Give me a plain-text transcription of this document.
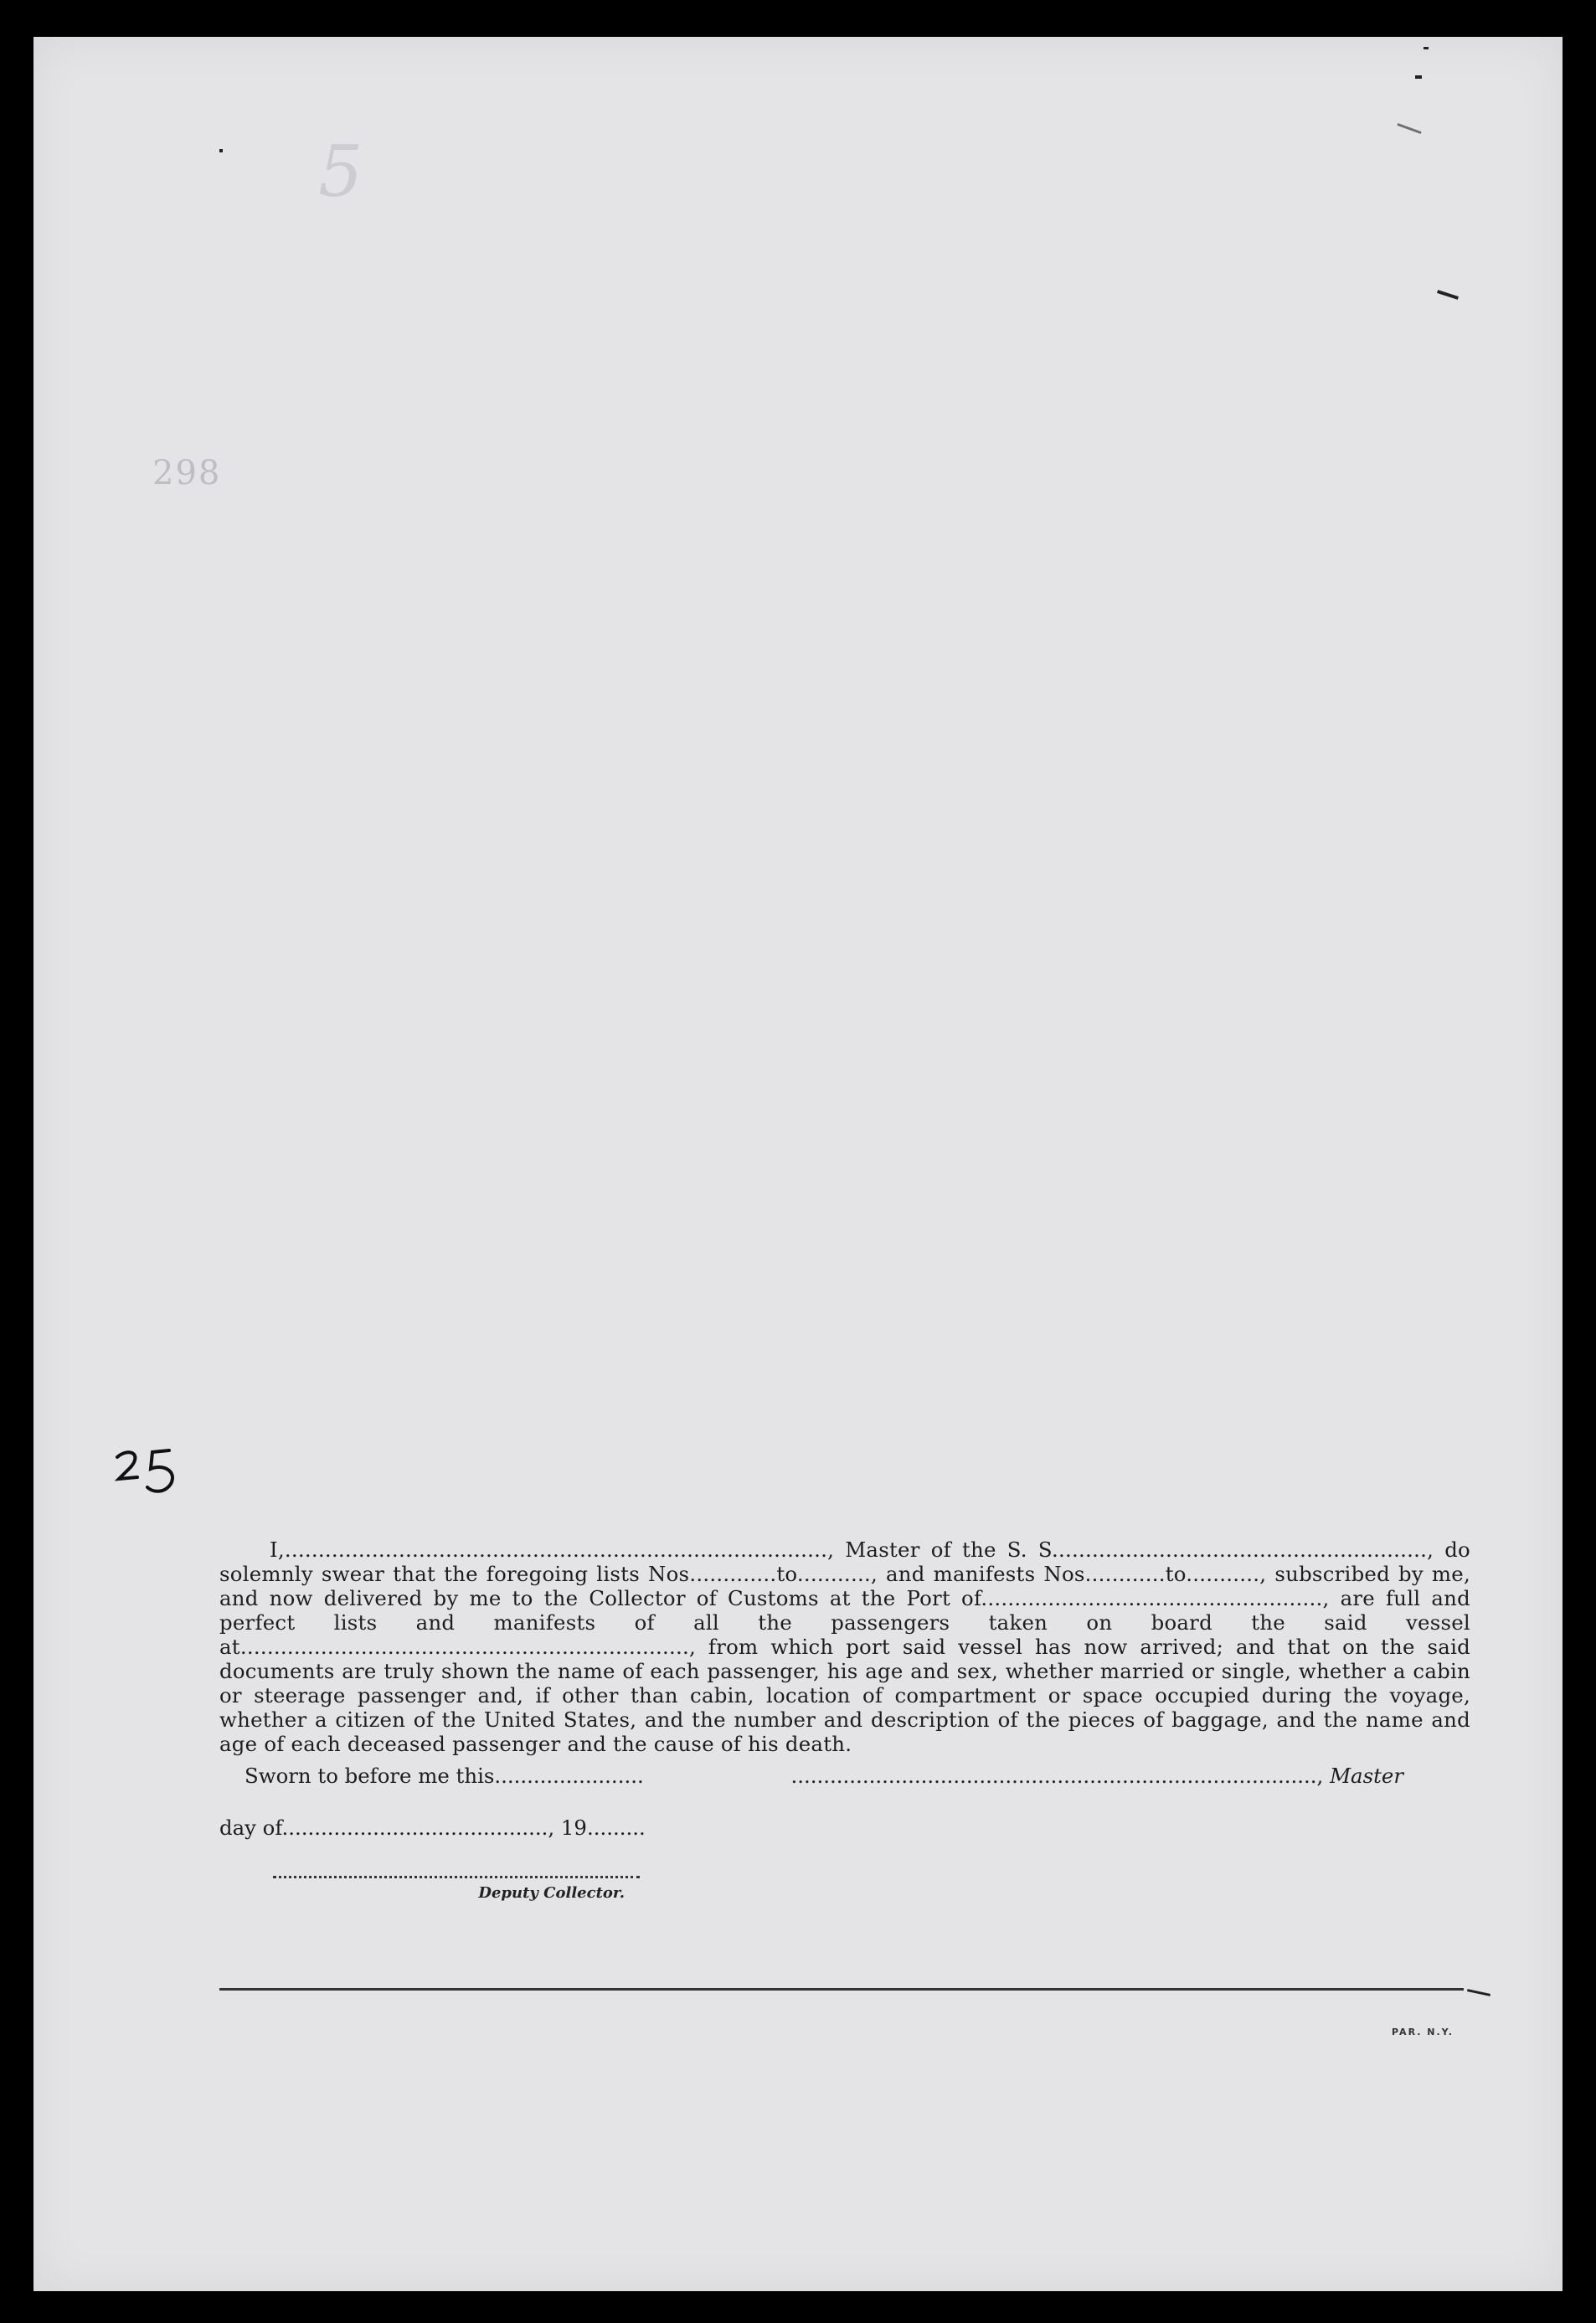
5
298

I,................................................................................., Master of the S. S........................................................, do solemnly swear that the foregoing lists Nos.............to..........., and manifests Nos............to..........., subscribed by me, and now delivered by me to the Collector of Customs at the Port of..................................................., are full and perfect lists and manifests of all the passengers taken on board the said vessel at..................................................................., from which port said vessel has now arrived; and that on the said documents are truly shown the name of each passenger, his age and sex, whether married or single, whether a cabin or steerage passenger and, if other than cabin, location of compartment or space occupied during the voyage, whether a citizen of the United States, and the number and description of the pieces of baggage, and the name and age of each deceased passenger and the cause of his death.

Sworn to before me this.......................	................................................................................., Master
day of........................................., 19.........
Deputy Collector.
PAR. N.Y.
